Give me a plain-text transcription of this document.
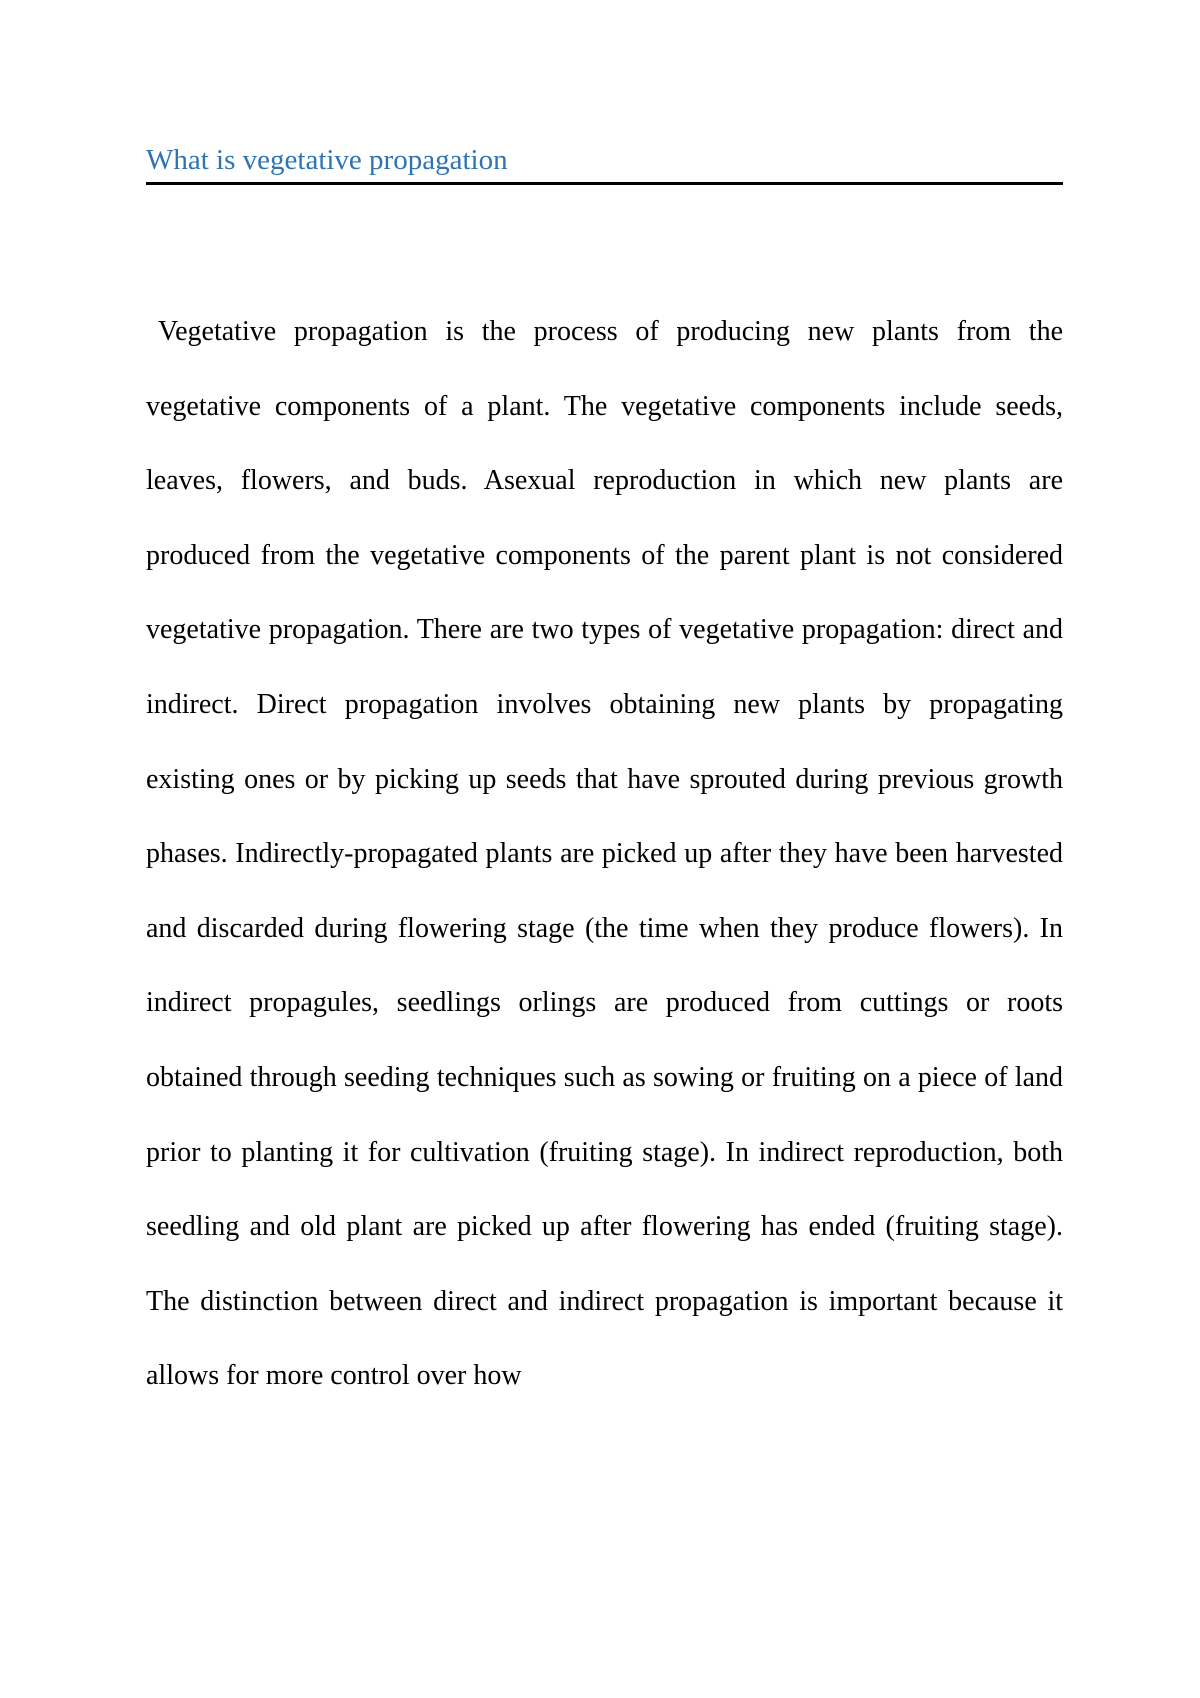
What is vegetative propagation

Vegetative propagation is the process of producing new plants from the vegetative components of a plant. The vegetative components include seeds, leaves, flowers, and buds. Asexual reproduction in which new plants are produced from the vegetative components of the parent plant is not considered vegetative propagation. There are two types of vegetative propagation: direct and indirect. Direct propagation involves obtaining new plants by propagating existing ones or by picking up seeds that have sprouted during previous growth phases. Indirectly-propagated plants are picked up after they have been harvested and discarded during flowering stage (the time when they produce flowers). In indirect propagules, seedlings orlings are produced from cuttings or roots obtained through seeding techniques such as sowing or fruiting on a piece of land prior to planting it for cultivation (fruiting stage). In indirect reproduction, both seedling and old plant are picked up after flowering has ended (fruiting stage). The distinction between direct and indirect propagation is important because it allows for more control over how
